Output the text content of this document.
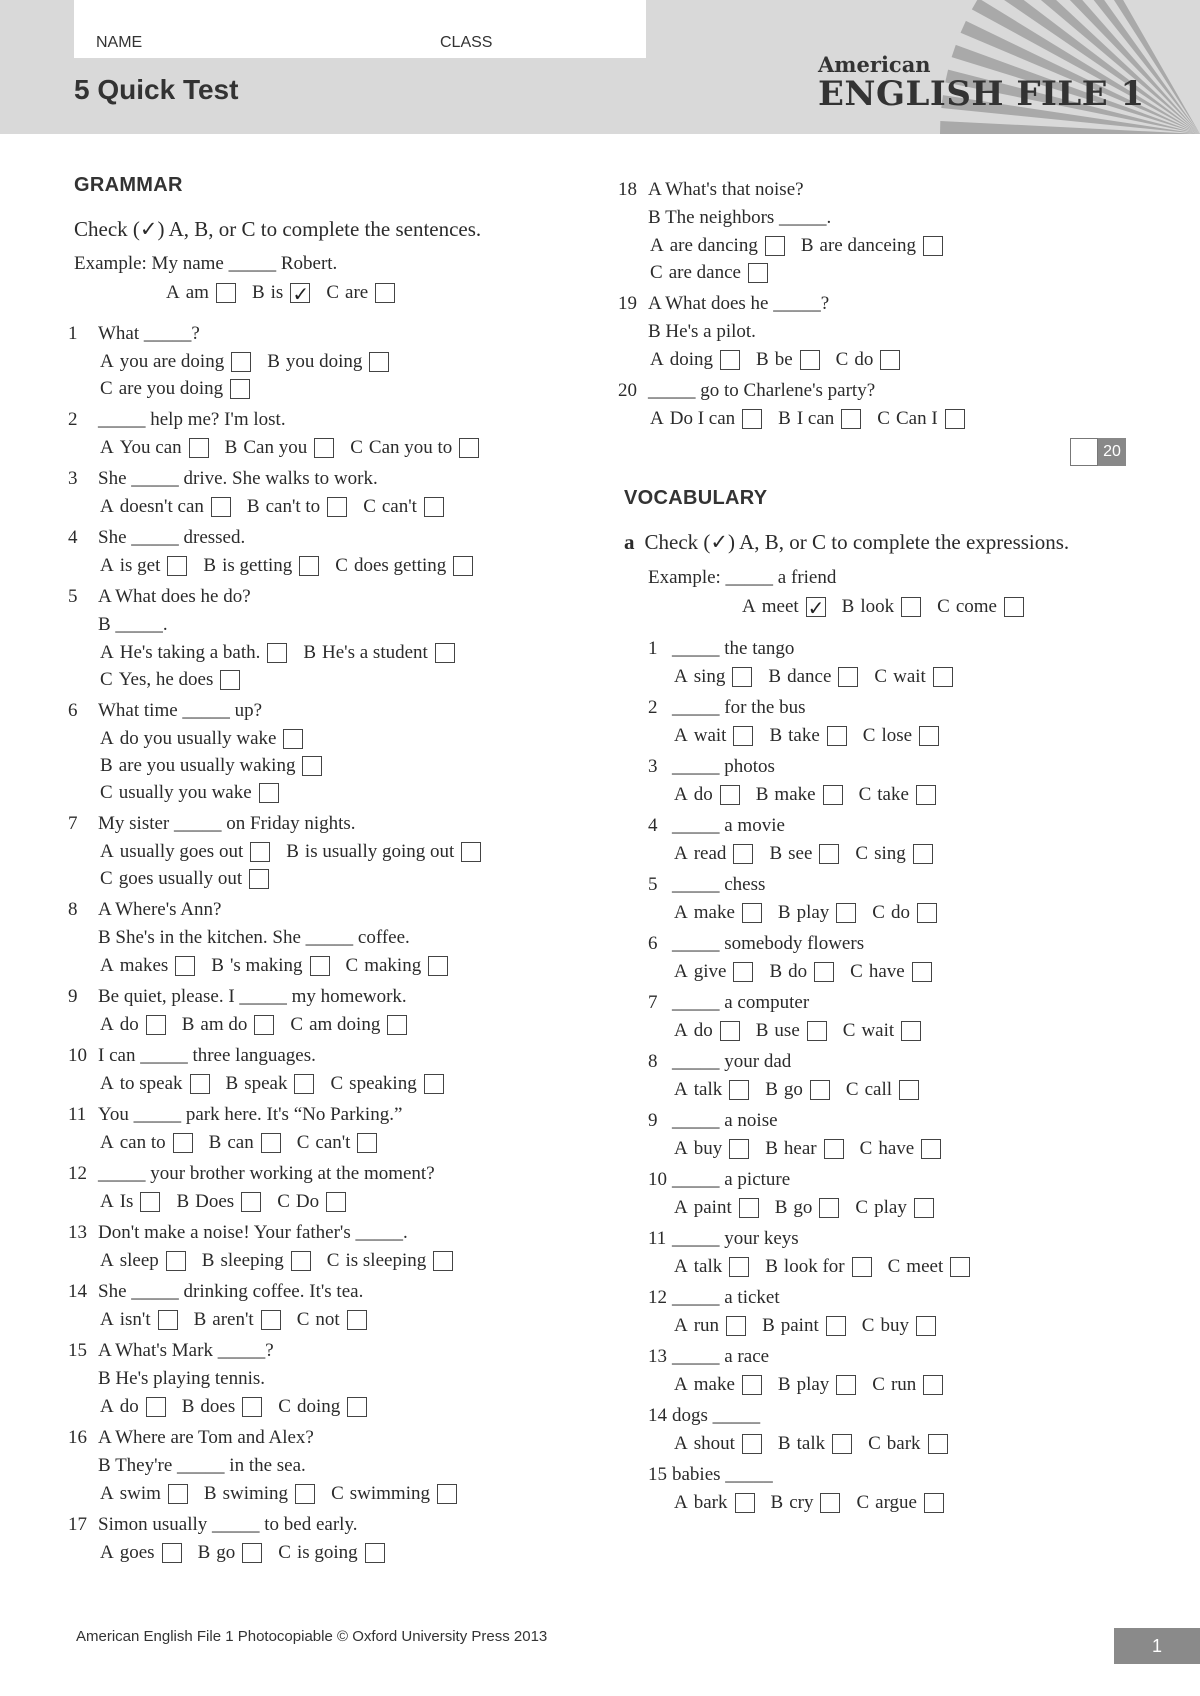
NAME	CLASS
5 Quick Test
American
ENGLISH FILE 1
GRAMMAR
Check (✓) A, B, or C to complete the sentences.
Example: My name _____ Robert.
A am B is ✓ C are
1 What _____?
A you are doing B you doing
C are you doing
2 _____ help me? I'm lost.
A You can B Can you C Can you to
3 She _____ drive. She walks to work.
A doesn't can B can't to C can't
4 She _____ dressed.
A is get B is getting C does getting
5 A What does he do?
B _____.
A He's taking a bath. B He's a student
C Yes, he does
6 What time _____ up?
A do you usually wake
B are you usually waking
C usually you wake
7 My sister _____ on Friday nights.
A usually goes out B is usually going out
C goes usually out
8 A Where's Ann?
B She's in the kitchen. She _____ coffee.
A makes B 's making C making
9 Be quiet, please. I _____ my homework.
A do B am do C am doing
10 I can _____ three languages.
A to speak B speak C speaking
11 You _____ park here. It's “No Parking.”
A can to B can C can't
12 _____ your brother working at the moment?
A Is B Does C Do
13 Don't make a noise! Your father's _____.
A sleep B sleeping C is sleeping
14 She _____ drinking coffee. It's tea.
A isn't B aren't C not
15 A What's Mark _____?
B He's playing tennis.
A do B does C doing
16 A Where are Tom and Alex?
B They're _____ in the sea.
A swim B swiming C swimming
17 Simon usually _____ to bed early.
A goes B go C is going
18 A What's that noise?
B The neighbors _____.
A are dancing B are danceing
C are dance
19 A What does he _____?
B He's a pilot.
A doing B be C do
20 _____ go to Charlene's party?
A Do I can B I can C Can I
20
VOCABULARY
a Check (✓) A, B, or C to complete the expressions.
Example: _____ a friend
A meet ✓ B look C come
1 _____ the tango
A sing B dance C wait
2 _____ for the bus
A wait B take C lose
3 _____ photos
A do B make C take
4 _____ a movie
A read B see C sing
5 _____ chess
A make B play C do
6 _____ somebody flowers
A give B do C have
7 _____ a computer
A do B use C wait
8 _____ your dad
A talk B go C call
9 _____ a noise
A buy B hear C have
10 _____ a picture
A paint B go C play
11 _____ your keys
A talk B look for C meet
12 _____ a ticket
A run B paint C buy
13 _____ a race
A make B play C run
14 dogs _____
A shout B talk C bark
15 babies _____
A bark B cry C argue
American English File 1 Photocopiable © Oxford University Press 2013	1
